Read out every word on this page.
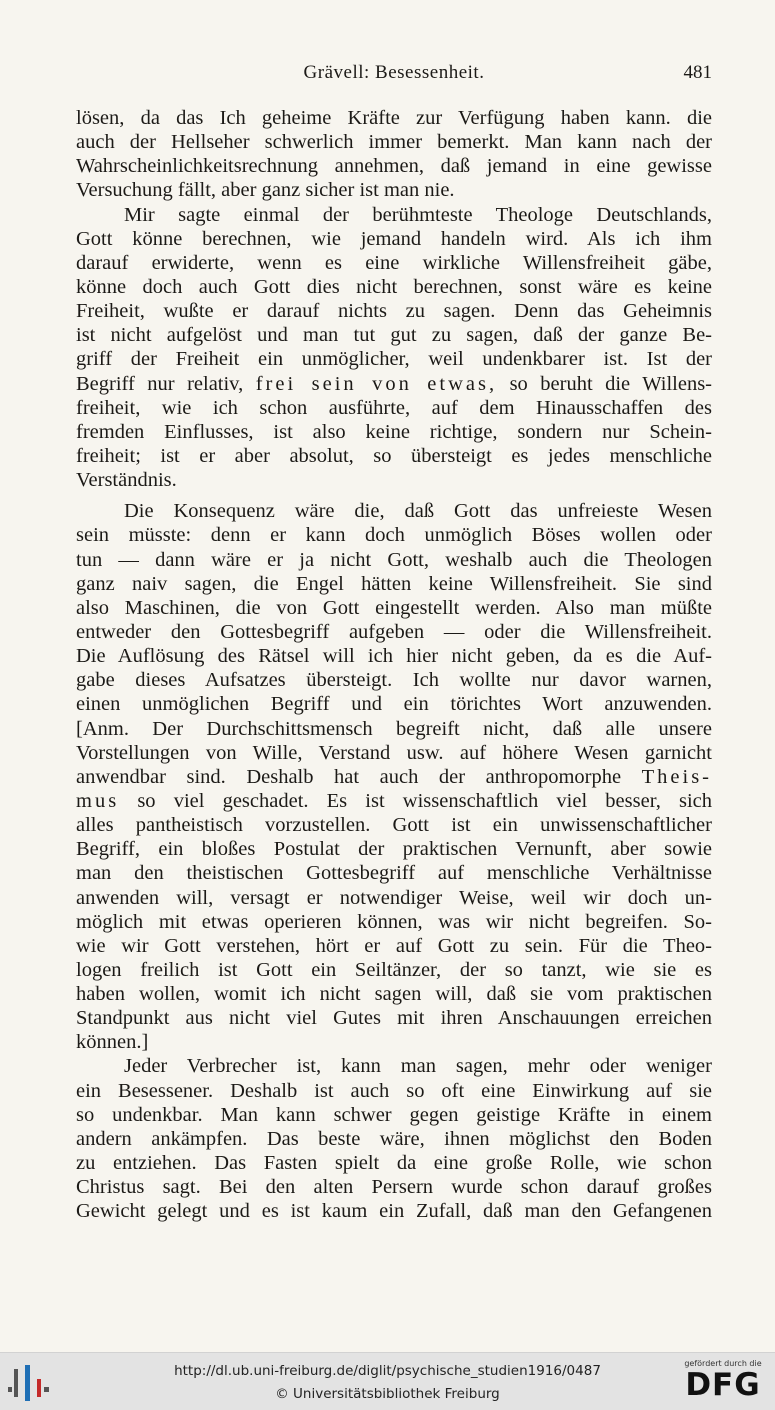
Grävell: Besessenheit.	481
lösen, da das Ich geheime Kräfte zur Verfügung haben kann. die
auch der Hellseher schwerlich immer bemerkt. Man kann nach der
Wahrscheinlichkeitsrechnung annehmen, daß jemand in eine gewisse
Versuchung fällt, aber ganz sicher ist man nie.
Mir sagte einmal der berühmteste Theologe Deutschlands,
Gott könne berechnen, wie jemand handeln wird. Als ich ihm
darauf erwiderte, wenn es eine wirkliche Willensfreiheit gäbe,
könne doch auch Gott dies nicht berechnen, sonst wäre es keine
Freiheit, wußte er darauf nichts zu sagen. Denn das Geheimnis
ist nicht aufgelöst und man tut gut zu sagen, daß der ganze Be-
griff der Freiheit ein unmöglicher, weil undenkbarer ist. Ist der
Begriff nur relativ, frei sein von etwas, so beruht die Willens-
freiheit, wie ich schon ausführte, auf dem Hinausschaffen des
fremden Einflusses, ist also keine richtige, sondern nur Schein-
freiheit; ist er aber absolut, so übersteigt es jedes menschliche
Verständnis.
Die Konsequenz wäre die, daß Gott das unfreieste Wesen
sein müsste: denn er kann doch unmöglich Böses wollen oder
tun — dann wäre er ja nicht Gott, weshalb auch die Theologen
ganz naiv sagen, die Engel hätten keine Willensfreiheit. Sie sind
also Maschinen, die von Gott eingestellt werden. Also man müßte
entweder den Gottesbegriff aufgeben — oder die Willensfreiheit.
Die Auflösung des Rätsel will ich hier nicht geben, da es die Auf-
gabe dieses Aufsatzes übersteigt. Ich wollte nur davor warnen,
einen unmöglichen Begriff und ein törichtes Wort anzuwenden.
[Anm. Der Durchschittsmensch begreift nicht, daß alle unsere
Vorstellungen von Wille, Verstand usw. auf höhere Wesen garnicht
anwendbar sind. Deshalb hat auch der anthropomorphe Theis-
mus so viel geschadet. Es ist wissenschaftlich viel besser, sich
alles pantheistisch vorzustellen. Gott ist ein unwissenschaftlicher
Begriff, ein bloßes Postulat der praktischen Vernunft, aber sowie
man den theistischen Gottesbegriff auf menschliche Verhältnisse
anwenden will, versagt er notwendiger Weise, weil wir doch un-
möglich mit etwas operieren können, was wir nicht begreifen. So-
wie wir Gott verstehen, hört er auf Gott zu sein. Für die Theo-
logen freilich ist Gott ein Seiltänzer, der so tanzt, wie sie es
haben wollen, womit ich nicht sagen will, daß sie vom praktischen
Standpunkt aus nicht viel Gutes mit ihren Anschauungen erreichen
können.]
Jeder Verbrecher ist, kann man sagen, mehr oder weniger
ein Besessener. Deshalb ist auch so oft eine Einwirkung auf sie
so undenkbar. Man kann schwer gegen geistige Kräfte in einem
andern ankämpfen. Das beste wäre, ihnen möglichst den Boden
zu entziehen. Das Fasten spielt da eine große Rolle, wie schon
Christus sagt. Bei den alten Persern wurde schon darauf großes
Gewicht gelegt und es ist kaum ein Zufall, daß man den Gefangenen
http://dl.ub.uni-freiburg.de/diglit/psychische_studien1916/0487
© Universitätsbibliothek Freiburg
gefördert durch die
DFG
